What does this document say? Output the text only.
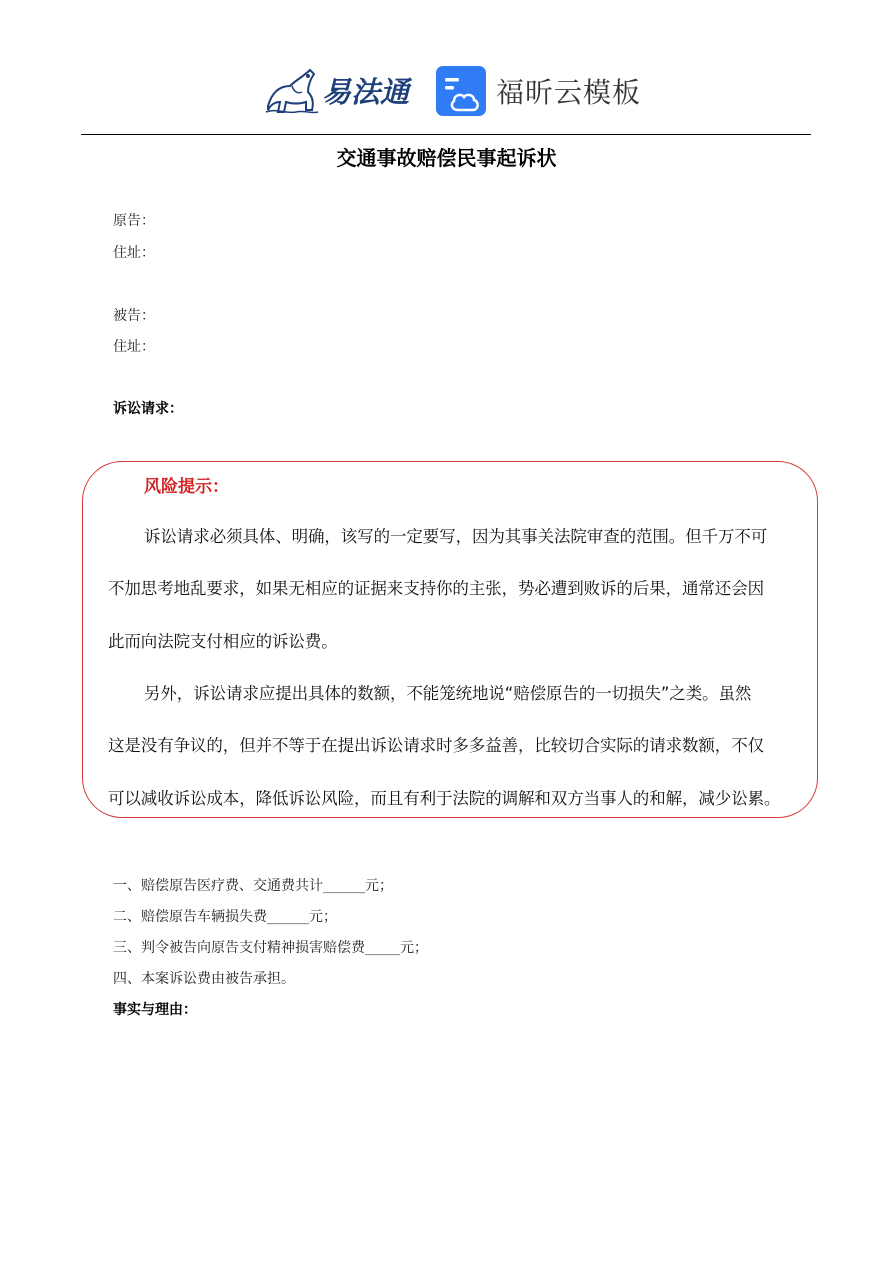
易法通	福昕云模板
交通事故赔偿民事起诉状
原告：
住址：
被告：
住址：
诉讼请求：
风险提示：
诉讼请求必须具体、明确，该写的一定要写，因为其事关法院审查的范围。但千万不可
不加思考地乱要求，如果无相应的证据来支持你的主张，势必遭到败诉的后果，通常还会因
此而向法院支付相应的诉讼费。
另外，诉讼请求应提出具体的数额，不能笼统地说“赔偿原告的一切损失”之类。虽然
这是没有争议的，但并不等于在提出诉讼请求时多多益善，比较切合实际的请求数额，不仅
可以减收诉讼成本，降低诉讼风险，而且有利于法院的调解和双方当事人的和解，减少讼累。
一、赔偿原告医疗费、交通费共计______元；
二、赔偿原告车辆损失费______元；
三、判令被告向原告支付精神损害赔偿费_____元；
四、本案诉讼费由被告承担。
事实与理由：
